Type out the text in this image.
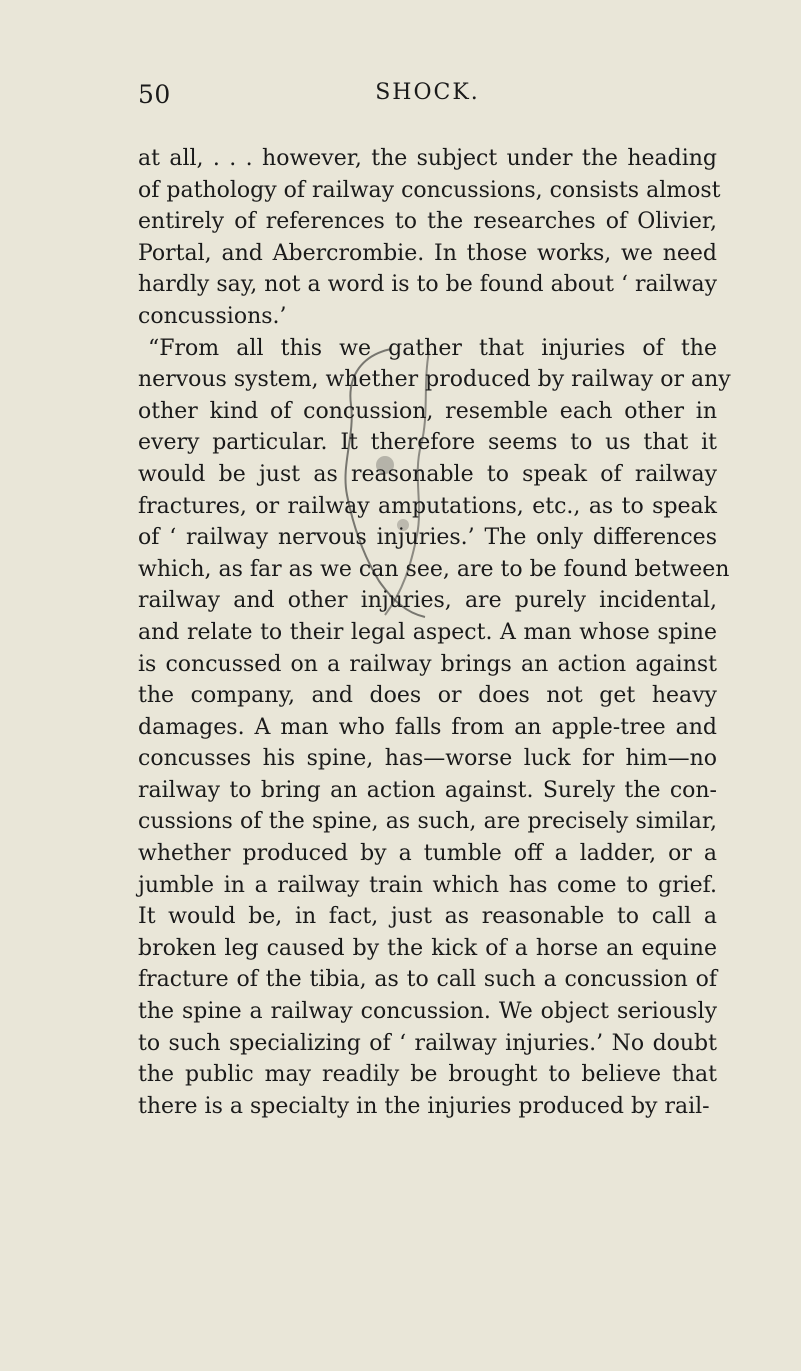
50	SHOCK.
at all, . . . however, the subject under the heading
of pathology of railway concussions, consists almost
entirely of references to the researches of Olivier,
Portal, and Abercrombie. In those works, we need
hardly say, not a word is to be found about ‘ railway
concussions.’
“From all this we gather that injuries of the
nervous system, whether produced by railway or any
other kind of concussion, resemble each other in
every particular. It therefore seems to us that it
would be just as reasonable to speak of railway
fractures, or railway amputations, etc., as to speak
of ‘ railway nervous injuries.’ The only differences
which, as far as we can see, are to be found between
railway and other injuries, are purely incidental,
and relate to their legal aspect. A man whose spine
is concussed on a railway brings an action against
the company, and does or does not get heavy
damages. A man who falls from an apple-tree and
concusses his spine, has—worse luck for him—no
railway to bring an action against. Surely the con-
cussions of the spine, as such, are precisely similar,
whether produced by a tumble off a ladder, or a
jumble in a railway train which has come to grief.
It would be, in fact, just as reasonable to call a
broken leg caused by the kick of a horse an equine
fracture of the tibia, as to call such a concussion of
the spine a railway concussion. We object seriously
to such specializing of ‘ railway injuries.’ No doubt
the public may readily be brought to believe that
there is a specialty in the injuries produced by rail-
